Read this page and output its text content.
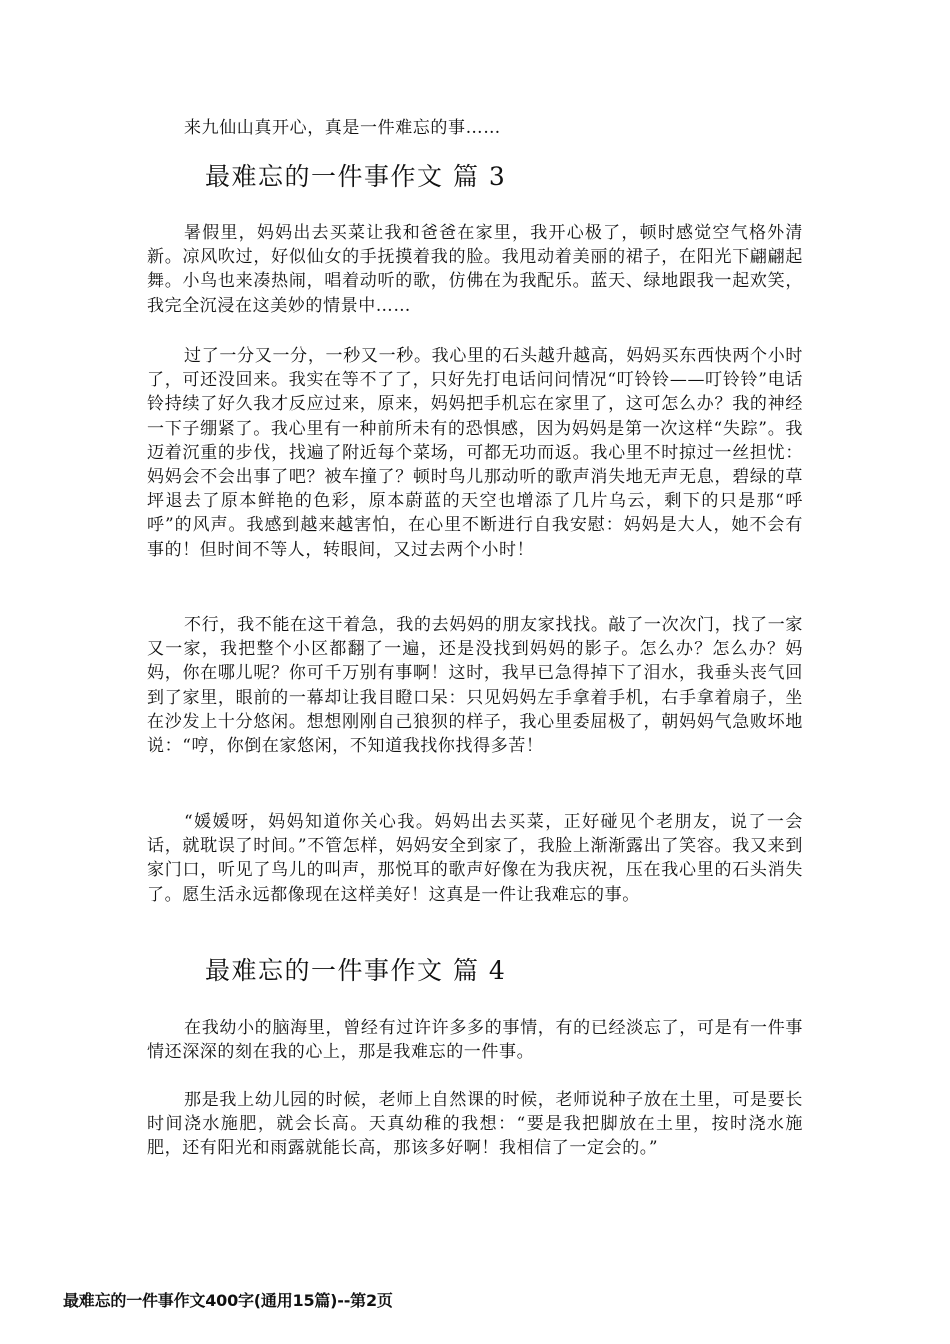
来九仙山真开心，真是一件难忘的事……

最难忘的一件事作文 篇 3

暑假里，妈妈出去买菜让我和爸爸在家里，我开心极了，顿时感觉空气格外清新。凉风吹过，好似仙女的手抚摸着我的脸。我甩动着美丽的裙子，在阳光下翩翩起舞。小鸟也来凑热闹，唱着动听的歌，仿佛在为我配乐。蓝天、绿地跟我一起欢笑，我完全沉浸在这美妙的情景中……

过了一分又一分，一秒又一秒。我心里的石头越升越高，妈妈买东西快两个小时了，可还没回来。我实在等不了了，只好先打电话问问情况“叮铃铃——叮铃铃”电话铃持续了好久我才反应过来，原来，妈妈把手机忘在家里了，这可怎么办？我的神经一下子绷紧了。我心里有一种前所未有的恐惧感，因为妈妈是第一次这样“失踪”。我迈着沉重的步伐，找遍了附近每个菜场，可都无功而返。我心里不时掠过一丝担忧：妈妈会不会出事了吧？被车撞了？顿时鸟儿那动听的歌声消失地无声无息，碧绿的草坪退去了原本鲜艳的色彩，原本蔚蓝的天空也增添了几片乌云，剩下的只是那“呼呼”的风声。我感到越来越害怕，在心里不断进行自我安慰：妈妈是大人，她不会有事的！但时间不等人，转眼间，又过去两个小时！

不行，我不能在这干着急，我的去妈妈的朋友家找找。敲了一次次门，找了一家又一家，我把整个小区都翻了一遍，还是没找到妈妈的影子。怎么办？怎么办？妈妈，你在哪儿呢？你可千万别有事啊！这时，我早已急得掉下了泪水，我垂头丧气回到了家里，眼前的一幕却让我目瞪口呆：只见妈妈左手拿着手机，右手拿着扇子，坐在沙发上十分悠闲。想想刚刚自己狼狈的样子，我心里委屈极了，朝妈妈气急败坏地说：“哼，你倒在家悠闲，不知道我找你找得多苦！

“媛媛呀，妈妈知道你关心我。妈妈出去买菜，正好碰见个老朋友，说了一会话，就耽误了时间。”不管怎样，妈妈安全到家了，我脸上渐渐露出了笑容。我又来到家门口，听见了鸟儿的叫声，那悦耳的歌声好像在为我庆祝，压在我心里的石头消失了。愿生活永远都像现在这样美好！这真是一件让我难忘的事。

最难忘的一件事作文 篇 4

在我幼小的脑海里，曾经有过许许多多的事情，有的已经淡忘了，可是有一件事情还深深的刻在我的心上，那是我难忘的一件事。

那是我上幼儿园的时候，老师上自然课的时候，老师说种子放在土里，可是要长时间浇水施肥，就会长高。天真幼稚的我想：“要是我把脚放在土里，按时浇水施肥，还有阳光和雨露就能长高，那该多好啊！我相信了一定会的。”

最难忘的一件事作文400字(通用15篇)--第2页
